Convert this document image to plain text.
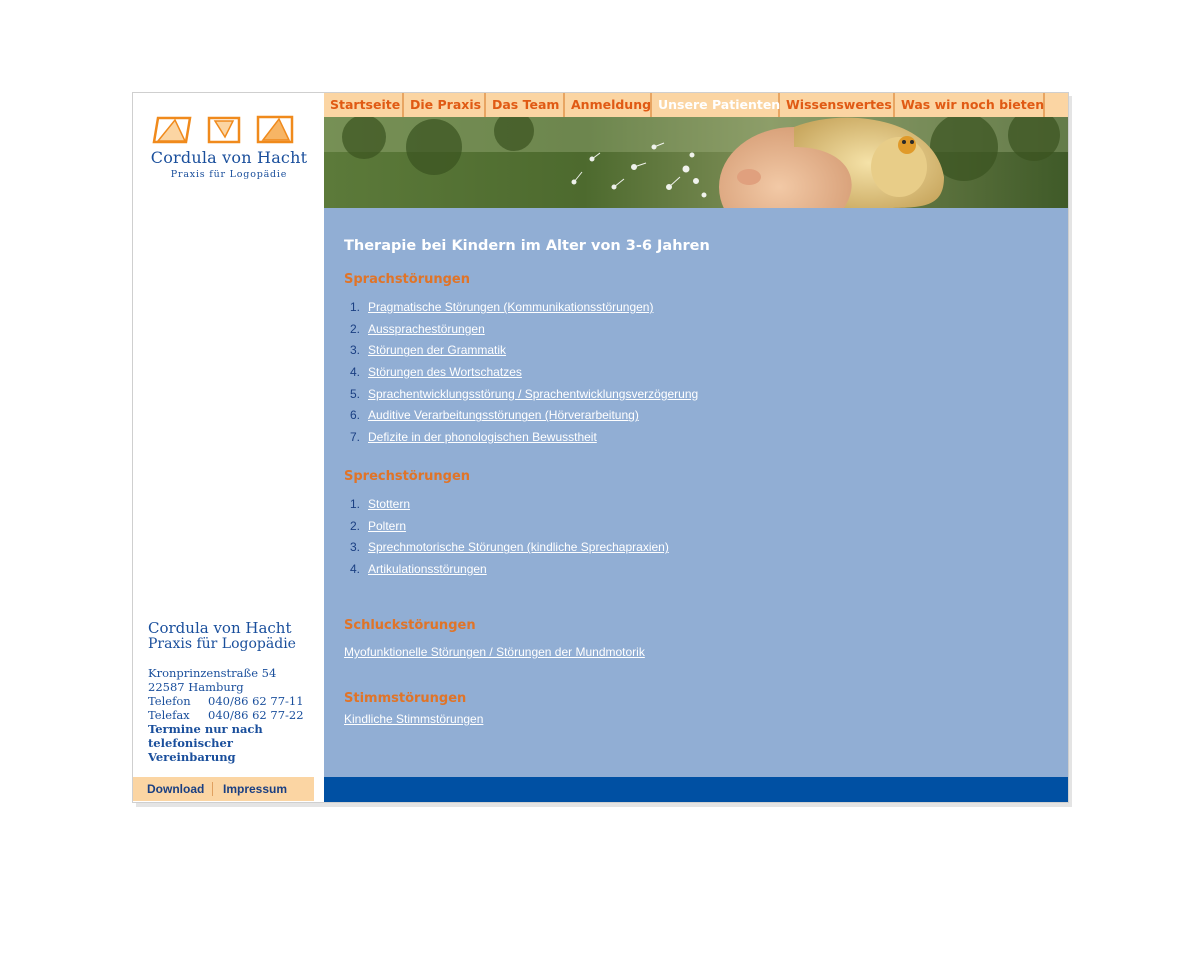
Cordula von Hacht
Praxis für Logopädie
Cordula von Hacht
Praxis für Logopädie
Kronprinzenstraße 54
22587 Hamburg
Telefon 040/86 62 77-11
Telefax 040/86 62 77-22
Termine nur nach
telefonischer Vereinbarung
Download Impressum
Startseite Die Praxis Das Team Anmeldung Unsere Patienten Wissenswertes Was wir noch bieten
Therapie bei Kindern im Alter von 3-6 Jahren
Sprachstörungen
1. Pragmatische Störungen (Kommunikationsstörungen)
2. Aussprachestörungen
3. Störungen der Grammatik
4. Störungen des Wortschatzes
5. Sprachentwicklungsstörung / Sprachentwicklungsverzögerung
6. Auditive Verarbeitungsstörungen (Hörverarbeitung)
7. Defizite in der phonologischen Bewusstheit
Sprechstörungen
1. Stottern
2. Poltern
3. Sprechmotorische Störungen (kindliche Sprechapraxien)
4. Artikulationsstörungen
Schluckstörungen
Myofunktionelle Störungen / Störungen der Mundmotorik
Stimmstörungen
Kindliche Stimmstörungen
